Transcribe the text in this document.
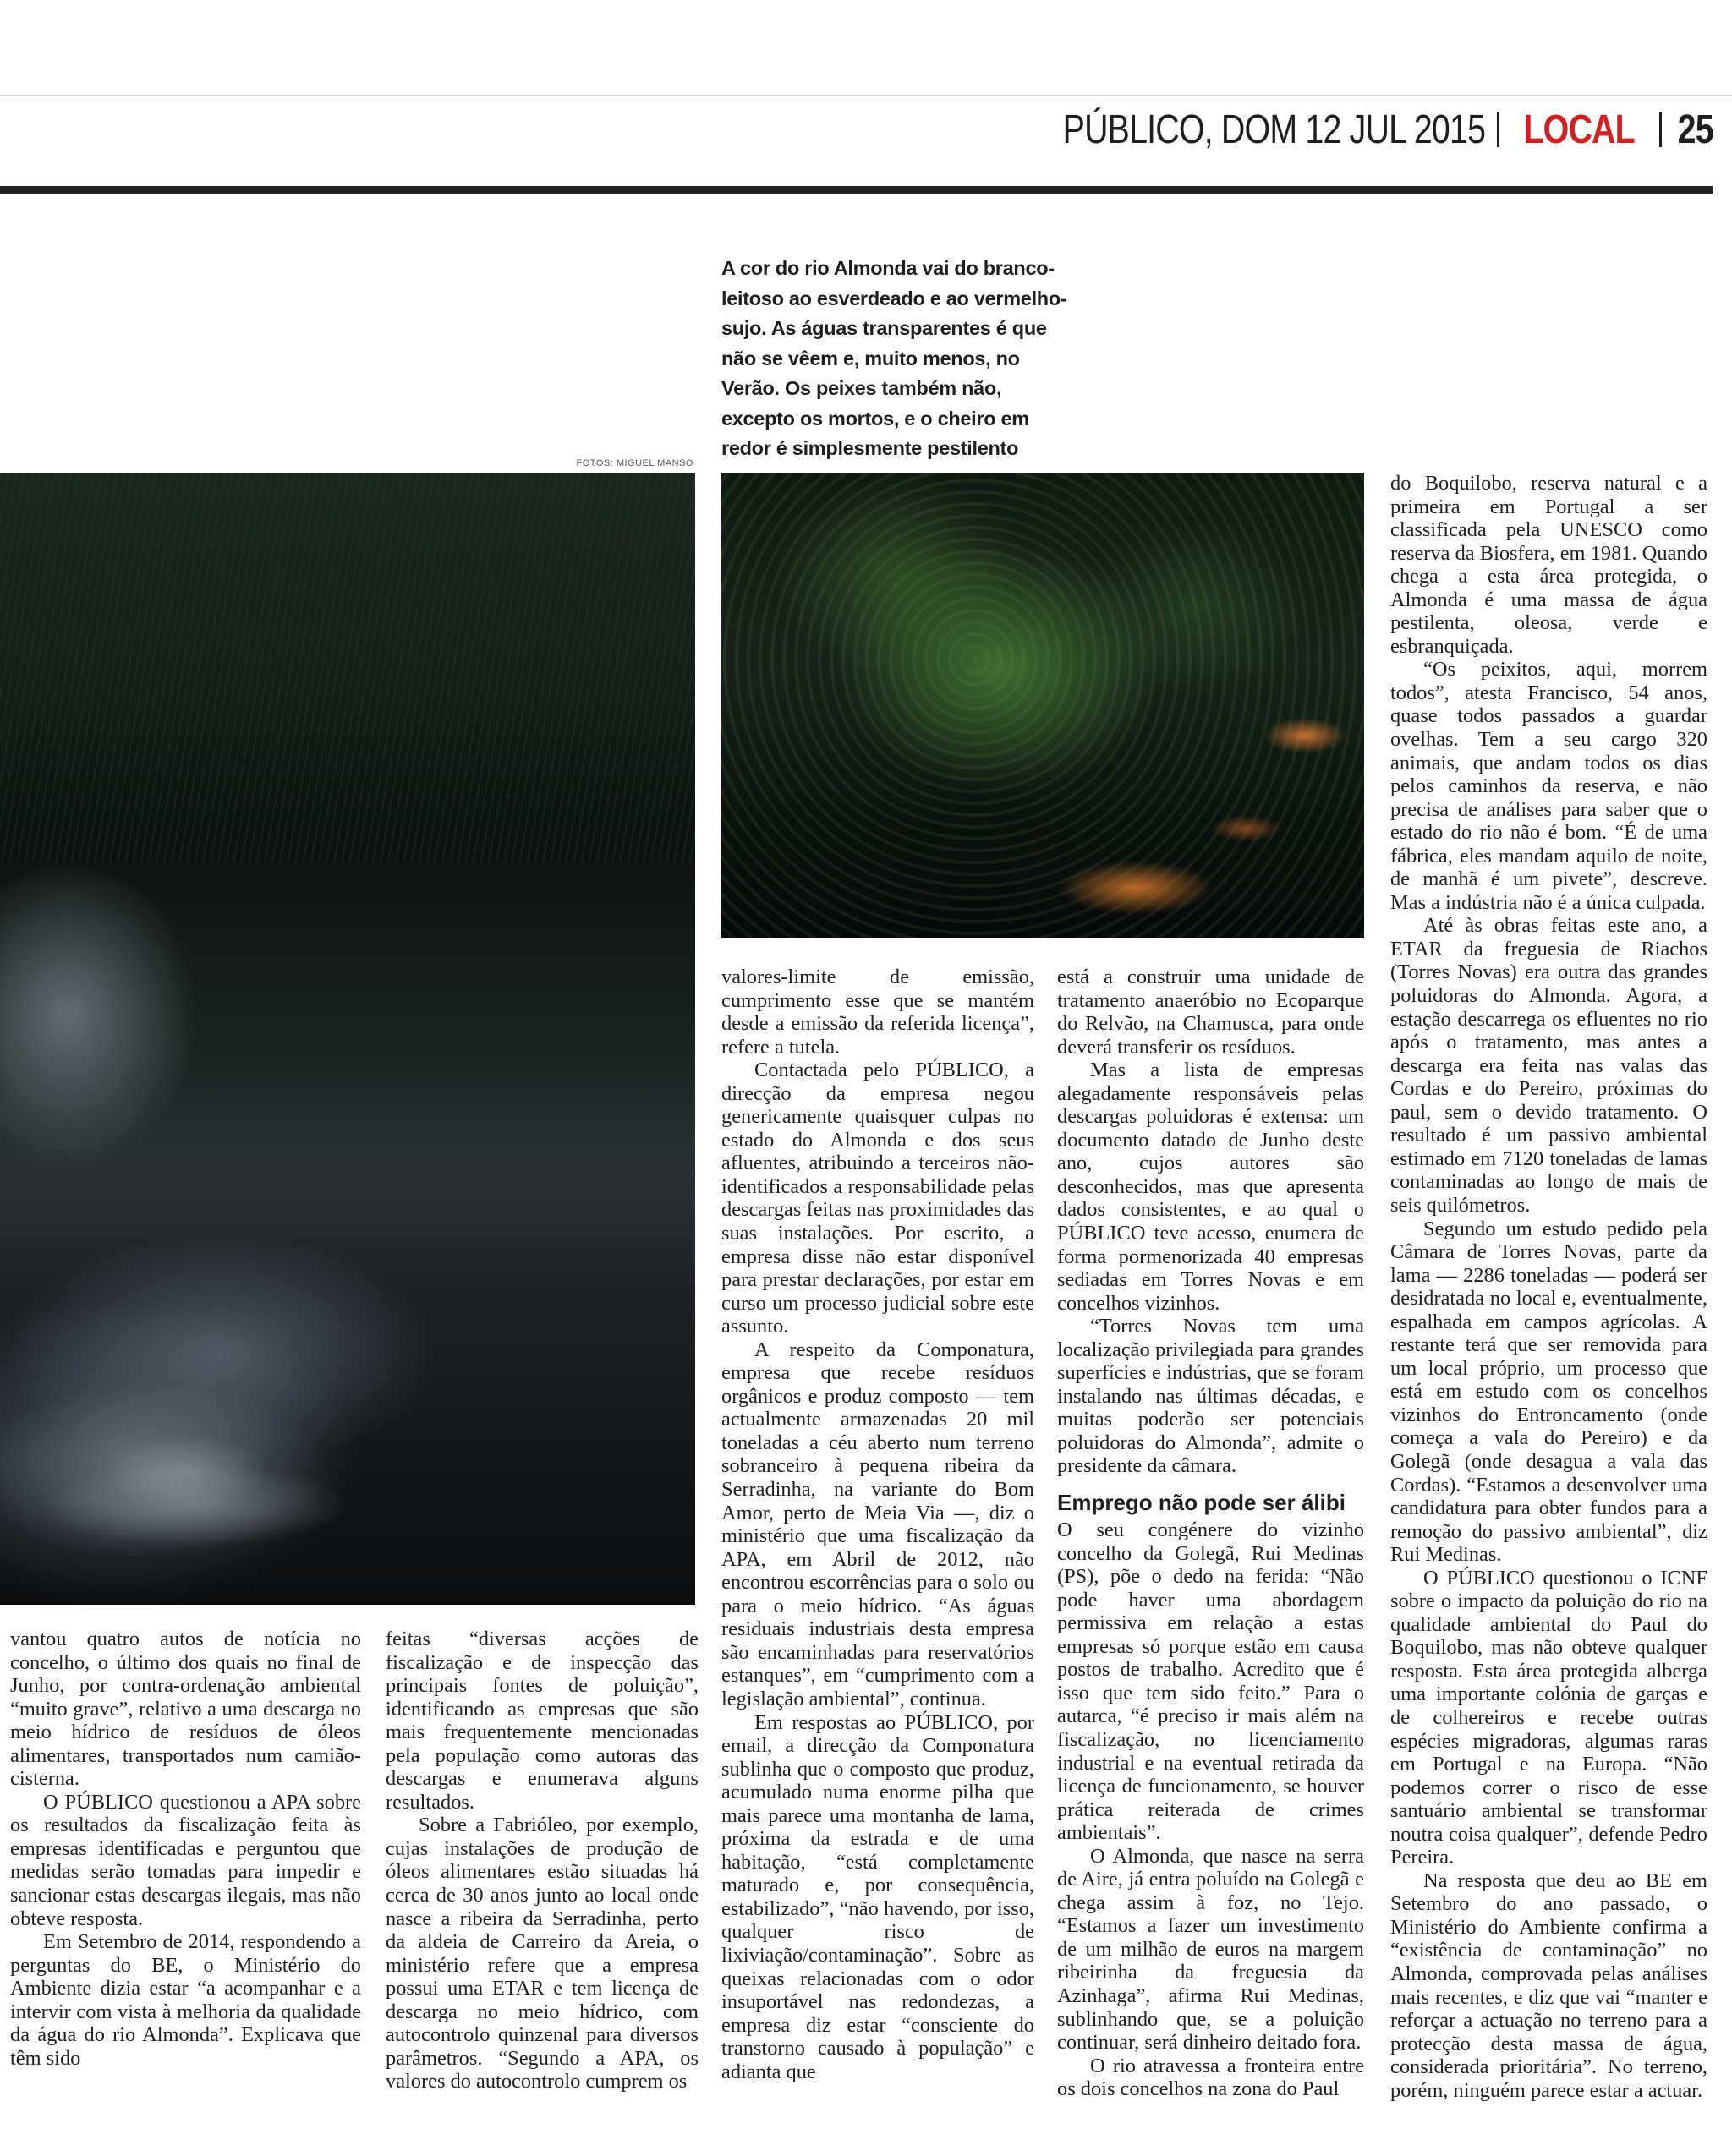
PÚBLICO, DOM 12 JUL 2015 LOCAL 25

A cor do rio Almonda vai do branco-leitoso ao esverdeado e ao vermelho-sujo. As águas transparentes é que não se vêem e, muito menos, no Verão. Os peixes também não, excepto os mortos, e o cheiro em redor é simplesmente pestilento

FOTOS: MIGUEL MANSO

vantou quatro autos de notícia no concelho, o último dos quais no final de Junho, por contra-ordenação ambiental “muito grave”, relativo a uma descarga no meio hídrico de resíduos de óleos alimentares, transportados num camião-cisterna.

O PÚBLICO questionou a APA sobre os resultados da fiscalização feita às empresas identificadas e perguntou que medidas serão tomadas para impedir e sancionar estas descargas ilegais, mas não obteve resposta.

Em Setembro de 2014, respondendo a perguntas do BE, o Ministério do Ambiente dizia estar “a acompanhar e a intervir com vista à melhoria da qualidade da água do rio Almonda”. Explicava que têm sido

feitas “diversas acções de fiscalização e de inspecção das principais fontes de poluição”, identificando as empresas que são mais frequentemente mencionadas pela população como autoras das descargas e enumerava alguns resultados.

Sobre a Fabrióleo, por exemplo, cujas instalações de produção de óleos alimentares estão situadas há cerca de 30 anos junto ao local onde nasce a ribeira da Serradinha, perto da aldeia de Carreiro da Areia, o ministério refere que a empresa possui uma ETAR e tem licença de descarga no meio hídrico, com autocontrolo quinzenal para diversos parâmetros. “Segundo a APA, os valores do autocontrolo cumprem os

valores-limite de emissão, cumprimento esse que se mantém desde a emissão da referida licença”, refere a tutela.

Contactada pelo PÚBLICO, a direcção da empresa negou genericamente quaisquer culpas no estado do Almonda e dos seus afluentes, atribuindo a terceiros não-identificados a responsabilidade pelas descargas feitas nas proximidades das suas instalações. Por escrito, a empresa disse não estar disponível para prestar declarações, por estar em curso um processo judicial sobre este assunto.

A respeito da Componatura, empresa que recebe resíduos orgânicos e produz composto — tem actualmente armazenadas 20 mil toneladas a céu aberto num terreno sobranceiro à pequena ribeira da Serradinha, na variante do Bom Amor, perto de Meia Via —, diz o ministério que uma fiscalização da APA, em Abril de 2012, não encontrou escorrências para o solo ou para o meio hídrico. “As águas residuais industriais desta empresa são encaminhadas para reservatórios estanques”, em “cumprimento com a legislação ambiental”, continua.

Em respostas ao PÚBLICO, por email, a direcção da Componatura sublinha que o composto que produz, acumulado numa enorme pilha que mais parece uma montanha de lama, próxima da estrada e de uma habitação, “está completamente maturado e, por consequência, estabilizado”, “não havendo, por isso, qualquer risco de lixiviação/contaminação”. Sobre as queixas relacionadas com o odor insuportável nas redondezas, a empresa diz estar “consciente do transtorno causado à população” e adianta que

está a construir uma unidade de tratamento anaeróbio no Ecoparque do Relvão, na Chamusca, para onde deverá transferir os resíduos.

Mas a lista de empresas alegadamente responsáveis pelas descargas poluidoras é extensa: um documento datado de Junho deste ano, cujos autores são desconhecidos, mas que apresenta dados consistentes, e ao qual o PÚBLICO teve acesso, enumera de forma pormenorizada 40 empresas sediadas em Torres Novas e em concelhos vizinhos.

“Torres Novas tem uma localização privilegiada para grandes superfícies e indústrias, que se foram instalando nas últimas décadas, e muitas poderão ser potenciais poluidoras do Almonda”, admite o presidente da câmara.

Emprego não pode ser álibi

O seu congénere do vizinho concelho da Golegã, Rui Medinas (PS), põe o dedo na ferida: “Não pode haver uma abordagem permissiva em relação a estas empresas só porque estão em causa postos de trabalho. Acredito que é isso que tem sido feito.” Para o autarca, “é preciso ir mais além na fiscalização, no licenciamento industrial e na eventual retirada da licença de funcionamento, se houver prática reiterada de crimes ambientais”.

O Almonda, que nasce na serra de Aire, já entra poluído na Golegã e chega assim à foz, no Tejo. “Estamos a fazer um investimento de um milhão de euros na margem ribeirinha da freguesia da Azinhaga”, afirma Rui Medinas, sublinhando que, se a poluição continuar, será dinheiro deitado fora.

O rio atravessa a fronteira entre os dois concelhos na zona do Paul

do Boquilobo, reserva natural e a primeira em Portugal a ser classificada pela UNESCO como reserva da Biosfera, em 1981. Quando chega a esta área protegida, o Almonda é uma massa de água pestilenta, oleosa, verde e esbranquiçada.

“Os peixitos, aqui, morrem todos”, atesta Francisco, 54 anos, quase todos passados a guardar ovelhas. Tem a seu cargo 320 animais, que andam todos os dias pelos caminhos da reserva, e não precisa de análises para saber que o estado do rio não é bom. “É de uma fábrica, eles mandam aquilo de noite, de manhã é um pivete”, descreve. Mas a indústria não é a única culpada.

Até às obras feitas este ano, a ETAR da freguesia de Riachos (Torres Novas) era outra das grandes poluidoras do Almonda. Agora, a estação descarrega os efluentes no rio após o tratamento, mas antes a descarga era feita nas valas das Cordas e do Pereiro, próximas do paul, sem o devido tratamento. O resultado é um passivo ambiental estimado em 7120 toneladas de lamas contaminadas ao longo de mais de seis quilómetros.

Segundo um estudo pedido pela Câmara de Torres Novas, parte da lama — 2286 toneladas — poderá ser desidratada no local e, eventualmente, espalhada em campos agrícolas. A restante terá que ser removida para um local próprio, um processo que está em estudo com os concelhos vizinhos do Entroncamento (onde começa a vala do Pereiro) e da Golegã (onde desagua a vala das Cordas). “Estamos a desenvolver uma candidatura para obter fundos para a remoção do passivo ambiental”, diz Rui Medinas.

O PÚBLICO questionou o ICNF sobre o impacto da poluição do rio na qualidade ambiental do Paul do Boquilobo, mas não obteve qualquer resposta. Esta área protegida alberga uma importante colónia de garças e de colhereiros e recebe outras espécies migradoras, algumas raras em Portugal e na Europa. “Não podemos correr o risco de esse santuário ambiental se transformar noutra coisa qualquer”, defende Pedro Pereira.

Na resposta que deu ao BE em Setembro do ano passado, o Ministério do Ambiente confirma a “existência de contaminação” no Almonda, comprovada pelas análises mais recentes, e diz que vai “manter e reforçar a actuação no terreno para a protecção desta massa de água, considerada prioritária”. No terreno, porém, ninguém parece estar a actuar.
